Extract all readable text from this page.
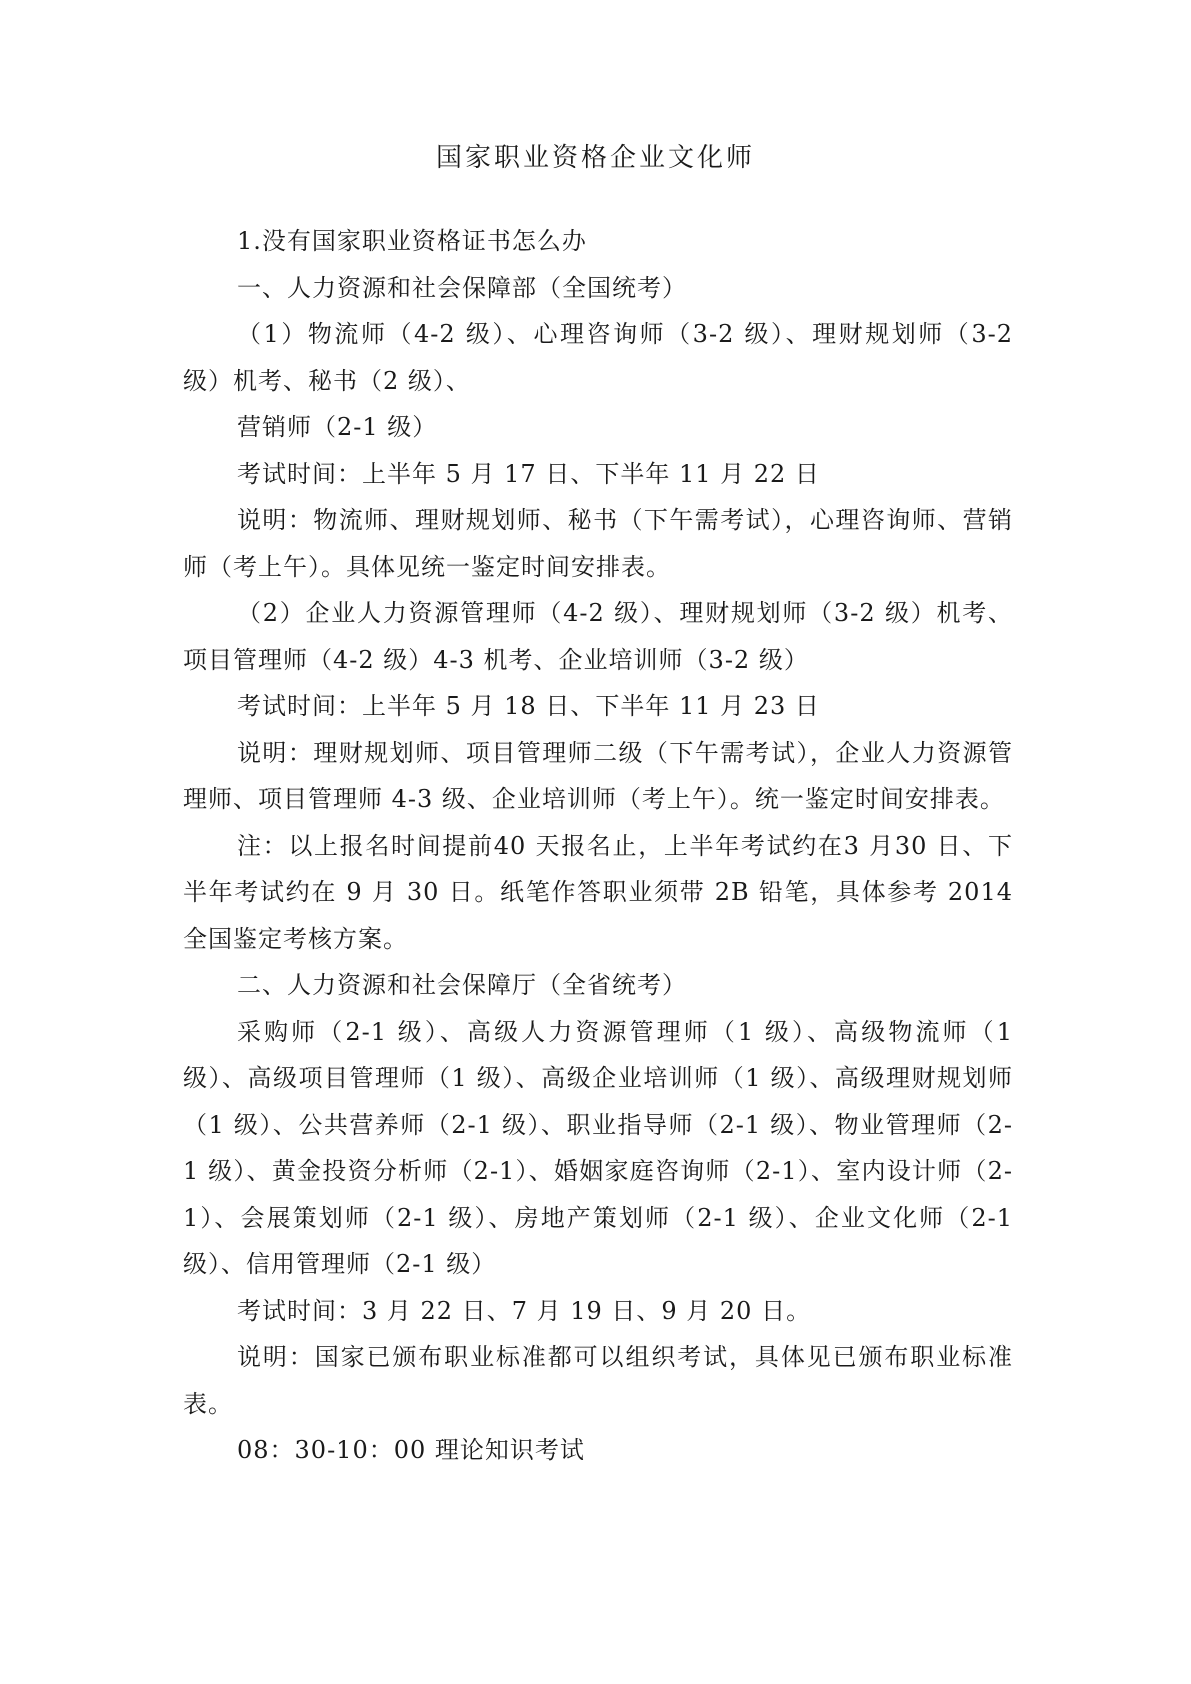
国家职业资格企业文化师

1.没有国家职业资格证书怎么办

一、人力资源和社会保障部（全国统考）

（1）物流师（4-2 级）、心理咨询师（3-2 级）、理财规划师（3-2 级）机考、秘书（2 级）、

营销师（2-1 级）

考试时间：上半年 5 月 17 日、下半年 11 月 22 日

说明：物流师、理财规划师、秘书（下午需考试），心理咨询师、营销师（考上午）。具体见统一鉴定时间安排表。

（2）企业人力资源管理师（4-2 级）、理财规划师（3-2 级）机考、项目管理师（4-2 级）4-3 机考、企业培训师（3-2 级）

考试时间：上半年 5 月 18 日、下半年 11 月 23 日

说明：理财规划师、项目管理师二级（下午需考试），企业人力资源管理师、项目管理师 4-3 级、企业培训师（考上午）。统一鉴定时间安排表。

注：以上报名时间提前40 天报名止，上半年考试约在3 月30 日、下半年考试约在 9 月 30 日。纸笔作答职业须带 2B 铅笔，具体参考 2014 全国鉴定考核方案。

二、人力资源和社会保障厅（全省统考）

采购师（2-1 级）、高级人力资源管理师（1 级）、高级物流师（1 级）、高级项目管理师（1 级）、高级企业培训师（1 级）、高级理财规划师（1 级）、公共营养师（2-1 级）、职业指导师（2-1 级）、物业管理师（2-1 级）、黄金投资分析师（2-1）、婚姻家庭咨询师（2-1）、室内设计师（2-1）、会展策划师（2-1 级）、房地产策划师（2-1 级）、企业文化师（2-1 级）、信用管理师（2-1 级）

考试时间：3 月 22 日、7 月 19 日、9 月 20 日。

说明：国家已颁布职业标准都可以组织考试，具体见已颁布职业标准表。

08：30-10：00 理论知识考试
